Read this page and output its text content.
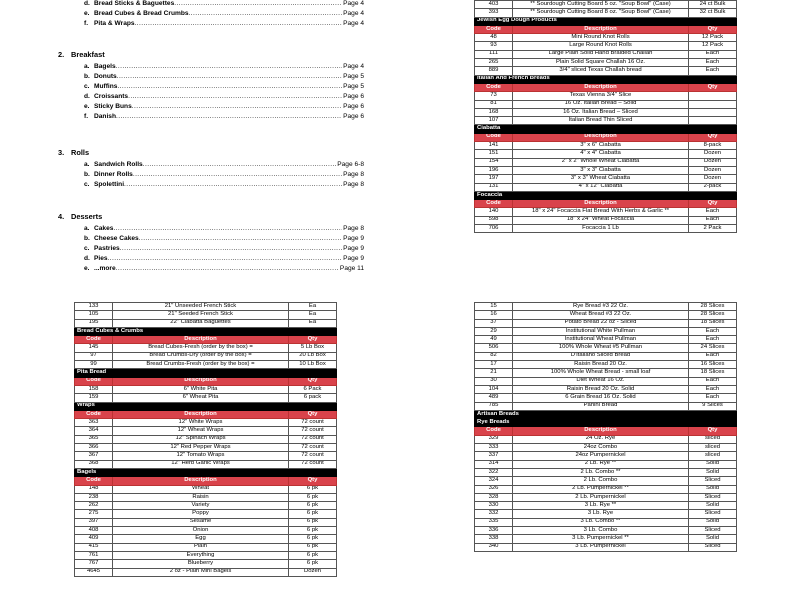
d. Bread Sticks & Baguettes .....	Page 4
e. Bread Cubes & Bread Crumbs .....	Page 4
f. Pita & Wraps .....	Page 4
2. Breakfast
a. Bagels .....	Page 4
b. Donuts .....	Page 5
c. Muffins .....	Page 5
d. Croissants .....	Page 6
e. Sticky Buns .....	Page 6
f. Danish .....	Page 6
3. Rolls
a. Sandwich Rolls .....	Page 6-8
b. Dinner Rolls .....	Page 8
c. Spolettini .....	Page 8
4. Desserts
a. Cakes .....	Page 8
b. Cheese Cakes .....	Page 9
c. Pastries .....	Page 9
d. Pies .....	Page 9
e. ...more .....	Page 11
403	** Sourdough Cutting Board 5 oz. "Soup Bowl" (Case)	24 ct Bulk
393	** Sourdough Cutting Board 8 oz. "Soup Bowl" (Case)	32 ct Bulk
Jewish Egg Dough Products		
Code	Description	Qty
48	Mini Round Knot Rolls	12 Pack
93	Large Round Knot Rolls	12 Pack
111	Large Plain Solid Hand Braided Challah	Each
265	Plain Solid Square Challah 16 Oz.	Each
889	3/4" sliced Texas Challah bread	Each
Italian And French Breads		
Code	Description	Qty
73	Texas Vienna 3/4" Slice	
81	16 Oz. Italian Bread – Solid	
168	16 Oz. Italian Bread – Sliced	
107	Italian Bread Thin Sliced	
Ciabatta		
Code	Description	Qty
141	3" x 6" Ciabatta	8-pack
151	4" x 4" Ciabatta	Dozen
154	2" x 2" Whole Wheat Ciabatta	Dozen
196	3" x 3" Ciabatta	Dozen
197	3" x 3" Wheat Ciabatta	Dozen
131	4" x 12" Ciabatta	2-pack
Focaccia		
Code	Description	Qty
140	18" x 24" Focaccia Flat Bread With Herbs & Garlic **	Each
598	18" x 24" Wheat Focaccia	Each
706	Focaccia 1 Lb	2 Pack
133	21" Unseeded French Stick	Ea
105	21" Seeded French Stick	Ea
195	22" Ciabatta Baguettes	Ea
Bread Cubes & Crumbs		
Code	Description	Qty
145	Bread Cubes-Fresh (order by the box) =	5 Lb Box
97	Bread Crumbs-Dry (order by the box) =	20 Lb Box
99	Bread Crumbs-Fresh (order by the box) =	10 Lb Box
Pita Bread		
Code	Description	Qty
158	6" White Pita	6 Pack
159	6" Wheat Pita	6 pack
Wraps		
Code	Description	Qty
363	12" White Wraps	72 count
364	12" Wheat Wraps	72 count
365	12" Spinach Wraps	72 count
366	12" Red Pepper Wraps	72 count
367	12" Tomato Wraps	72 count
368	12" Herb Garlic Wraps	72 count
Bagels		
Code	Description	Qty
148	Wheat	6 pk
238	Raisin	6 pk
262	Variety	6 pk
275	Poppy	6 pk
397	Sesame	6 pk
408	Onion	6 pk
409	Egg	6 pk
415	Plain	6 pk
761	Everything	6 pk
767	Blueberry	6 pk
4645	2 oz - Plain Mini Bagels	Dozen
15	Rye Bread #3 22 Oz.	28 Slices
16	Wheat Bread #3 22 Oz.	28 Slices
37	Potato Bread 22 oz - Sliced	18 Slices
29	Institutional White Pullman	Each
49	Institutional Wheat Pullman	Each
506	100% Whole Wheat #5 Pullman	24 Slices
82	D'Italiano Sliced Bread	Each
17	Raisin Bread 20 Oz.	16 Slices
21	100% Whole Wheat Bread - small loaf	18 Slices
30	Diet Wheat 16 Oz.	Each
104	Raisin Bread 20 Oz. Solid	Each
489	6 Grain Bread 16 Oz. Solid	Each
785	Panini Bread	9 Slices
Artisan Breads		
Rye Breads		
Code	Description	Qty
329	24 Oz. Rye	sliced
333	24oz Combo	sliced
337	24oz Pumpernickel	sliced
314	2 Lb. Rye **	Solid
322	2 Lb. Combo **	Solid
324	2 Lb. Combo	Sliced
326	2 Lb. Pumpernickel **	Solid
328	2 Lb. Pumpernickel	Sliced
330	3 Lb. Rye **	Solid
332	3 Lb. Rye	Sliced
335	3 Lb. Combo **	Solid
336	3 Lb. Combo	Sliced
338	3 Lb. Pumpernickel **	Solid
340	3 Lb. Pumpernickel	Sliced
